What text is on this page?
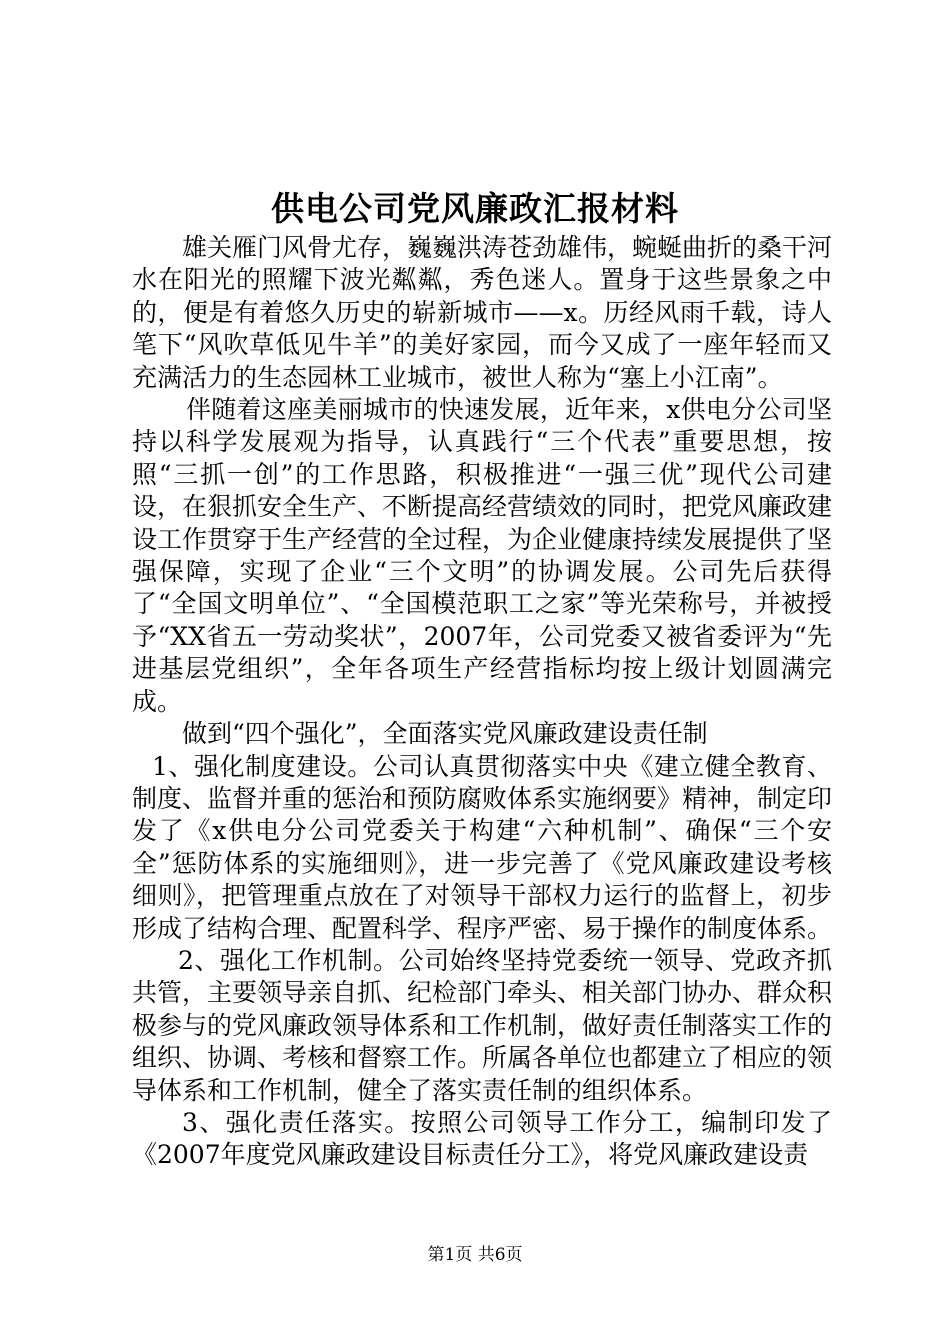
供电公司党风廉政汇报材料

雄关雁门风骨尤存，巍巍洪涛苍劲雄伟，蜿蜒曲折的桑干河水在阳光的照耀下波光粼粼，秀色迷人。置身于这些景象之中的，便是有着悠久历史的崭新城市——x。历经风雨千载，诗人笔下“风吹草低见牛羊”的美好家园，而今又成了一座年轻而又充满活力的生态园林工业城市，被世人称为“塞上小江南”。

伴随着这座美丽城市的快速发展，近年来，x供电分公司坚持以科学发展观为指导，认真践行“三个代表”重要思想，按照“三抓一创”的工作思路，积极推进“一强三优”现代公司建设，在狠抓安全生产、不断提高经营绩效的同时，把党风廉政建设工作贯穿于生产经营的全过程，为企业健康持续发展提供了坚强保障，实现了企业“三个文明”的协调发展。公司先后获得了“全国文明单位”、“全国模范职工之家”等光荣称号，并被授予“XX省五一劳动奖状”，2007年，公司党委又被省委评为“先进基层党组织”，全年各项生产经营指标均按上级计划圆满完成。

做到“四个强化”，全面落实党风廉政建设责任制

1、强化制度建设。公司认真贯彻落实中央《建立健全教育、制度、监督并重的惩治和预防腐败体系实施纲要》精神，制定印发了《x供电分公司党委关于构建“六种机制”、确保“三个安全”惩防体系的实施细则》，进一步完善了《党风廉政建设考核细则》，把管理重点放在了对领导干部权力运行的监督上，初步形成了结构合理、配置科学、程序严密、易于操作的制度体系。

2、强化工作机制。公司始终坚持党委统一领导、党政齐抓共管，主要领导亲自抓、纪检部门牵头、相关部门协办、群众积极参与的党风廉政领导体系和工作机制，做好责任制落实工作的组织、协调、考核和督察工作。所属各单位也都建立了相应的领导体系和工作机制，健全了落实责任制的组织体系。

3、强化责任落实。按照公司领导工作分工，编制印发了《2007年度党风廉政建设目标责任分工》，将党风廉政建设责

第1页 共6页
